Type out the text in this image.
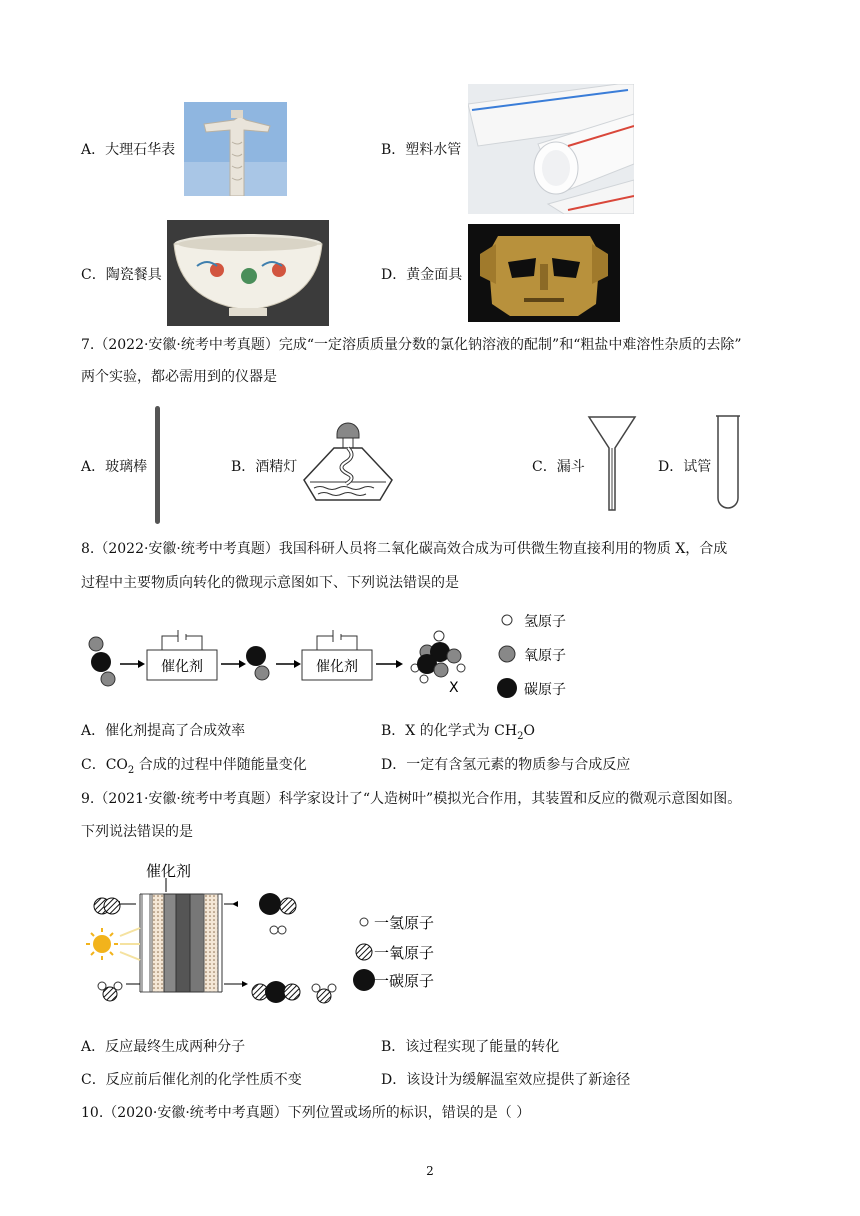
A．大理石华表	B．塑料水管
C．陶瓷餐具	D．黄金面具
7.（2022·安徽·统考中考真题）完成“一定溶质质量分数的氯化钠溶液的配制”和“粗盐中难溶性杂质的去除”
两个实验，都必需用到的仪器是
A．玻璃棒	B．酒精灯	C．漏斗	D．试管
8.（2022·安徽·统考中考真题）我国科研人员将二氧化碳高效合成为可供微生物直接利用的物质 X，合成
过程中主要物质向转化的微现示意图如下、下列说法错误的是
催化剂	催化剂
X
氢原子
氧原子
碳原子
A．催化剂提高了合成效率	B．X 的化学式为 $CH_2O$
C．$CO_2$ 合成的过程中伴随能量变化	D．一定有含氢元素的物质参与合成反应
9.（2021·安徽·统考中考真题）科学家设计了“人造树叶”模拟光合作用，其装置和反应的微观示意图如图。
下列说法错误的是
催化剂
一氢原子
一氧原子
一碳原子
A．反应最终生成两种分子	B．该过程实现了能量的转化
C．反应前后催化剂的化学性质不变	D．该设计为缓解温室效应提供了新途径
10.（2020·安徽·统考中考真题）下列位置或场所的标识，错误的是（ ）
2
